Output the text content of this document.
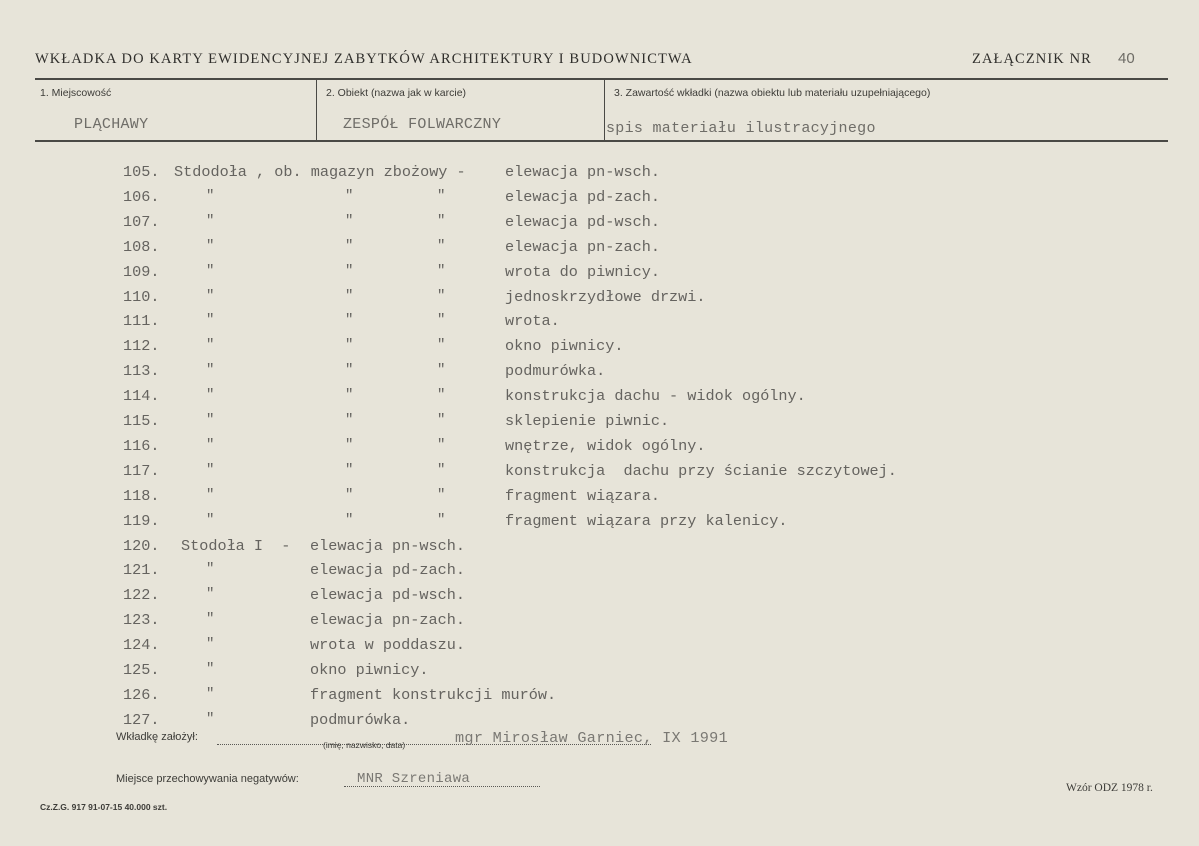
WKŁADKA DO KARTY EWIDENCYJNEJ ZABYTKÓW ARCHITEKTURY I BUDOWNICTWA	ZAŁĄCZNIK NR 40
1. Miejscowość
PLĄCHAWY
2. Obiekt (nazwa jak w karcie)
ZESPÓŁ FOLWARCZNY
3. Zawartość wkładki (nazwa obiektu lub materiału uzupełniającego)
spis materiału ilustracyjnego
105. Stdodoła , ob. magazyn zbożowy -	elewacja pn-wsch.
106.	"	"	"	elewacja pd-zach.
107.	"	"	"	elewacja pd-wsch.
108.	"	"	"	elewacja pn-zach.
109.	"	"	"	wrota do piwnicy.
110.	"	"	"	jednoskrzydłowe drzwi.
111.	"	"	"	wrota.
112.	"	"	"	okno piwnicy.
113.	"	"	"	podmurówka.
114.	"	"	"	konstrukcja dachu - widok ogólny.
115.	"	"	"	sklepienie piwnic.
116.	"	"	"	wnętrze, widok ogólny.
117.	"	"	"	konstrukcja  dachu przy ścianie szczytowej.
118.	"	"	"	fragment wiązara.
119.	"	"	"	fragment wiązara przy kalenicy.
120. Stodoła I  - elewacja pn-wsch.
121.	"	elewacja pd-zach.
122.	"	elewacja pd-wsch.
123.	"	elewacja pn-zach.
124.	"	wrota w poddaszu.
125.	"	okno piwnicy.
126.	"	fragment konstrukcji murów.
127.	"	podmurówka.
Wkładkę założył:	mgr Mirosław Garniec, IX 1991
(imię, nazwisko, data)
Miejsce przechowywania negatywów:	MNR Szreniawa
Cz.Z.G. 917 91-07-15 40.000 szt.
Wzór ODZ 1978 r.
